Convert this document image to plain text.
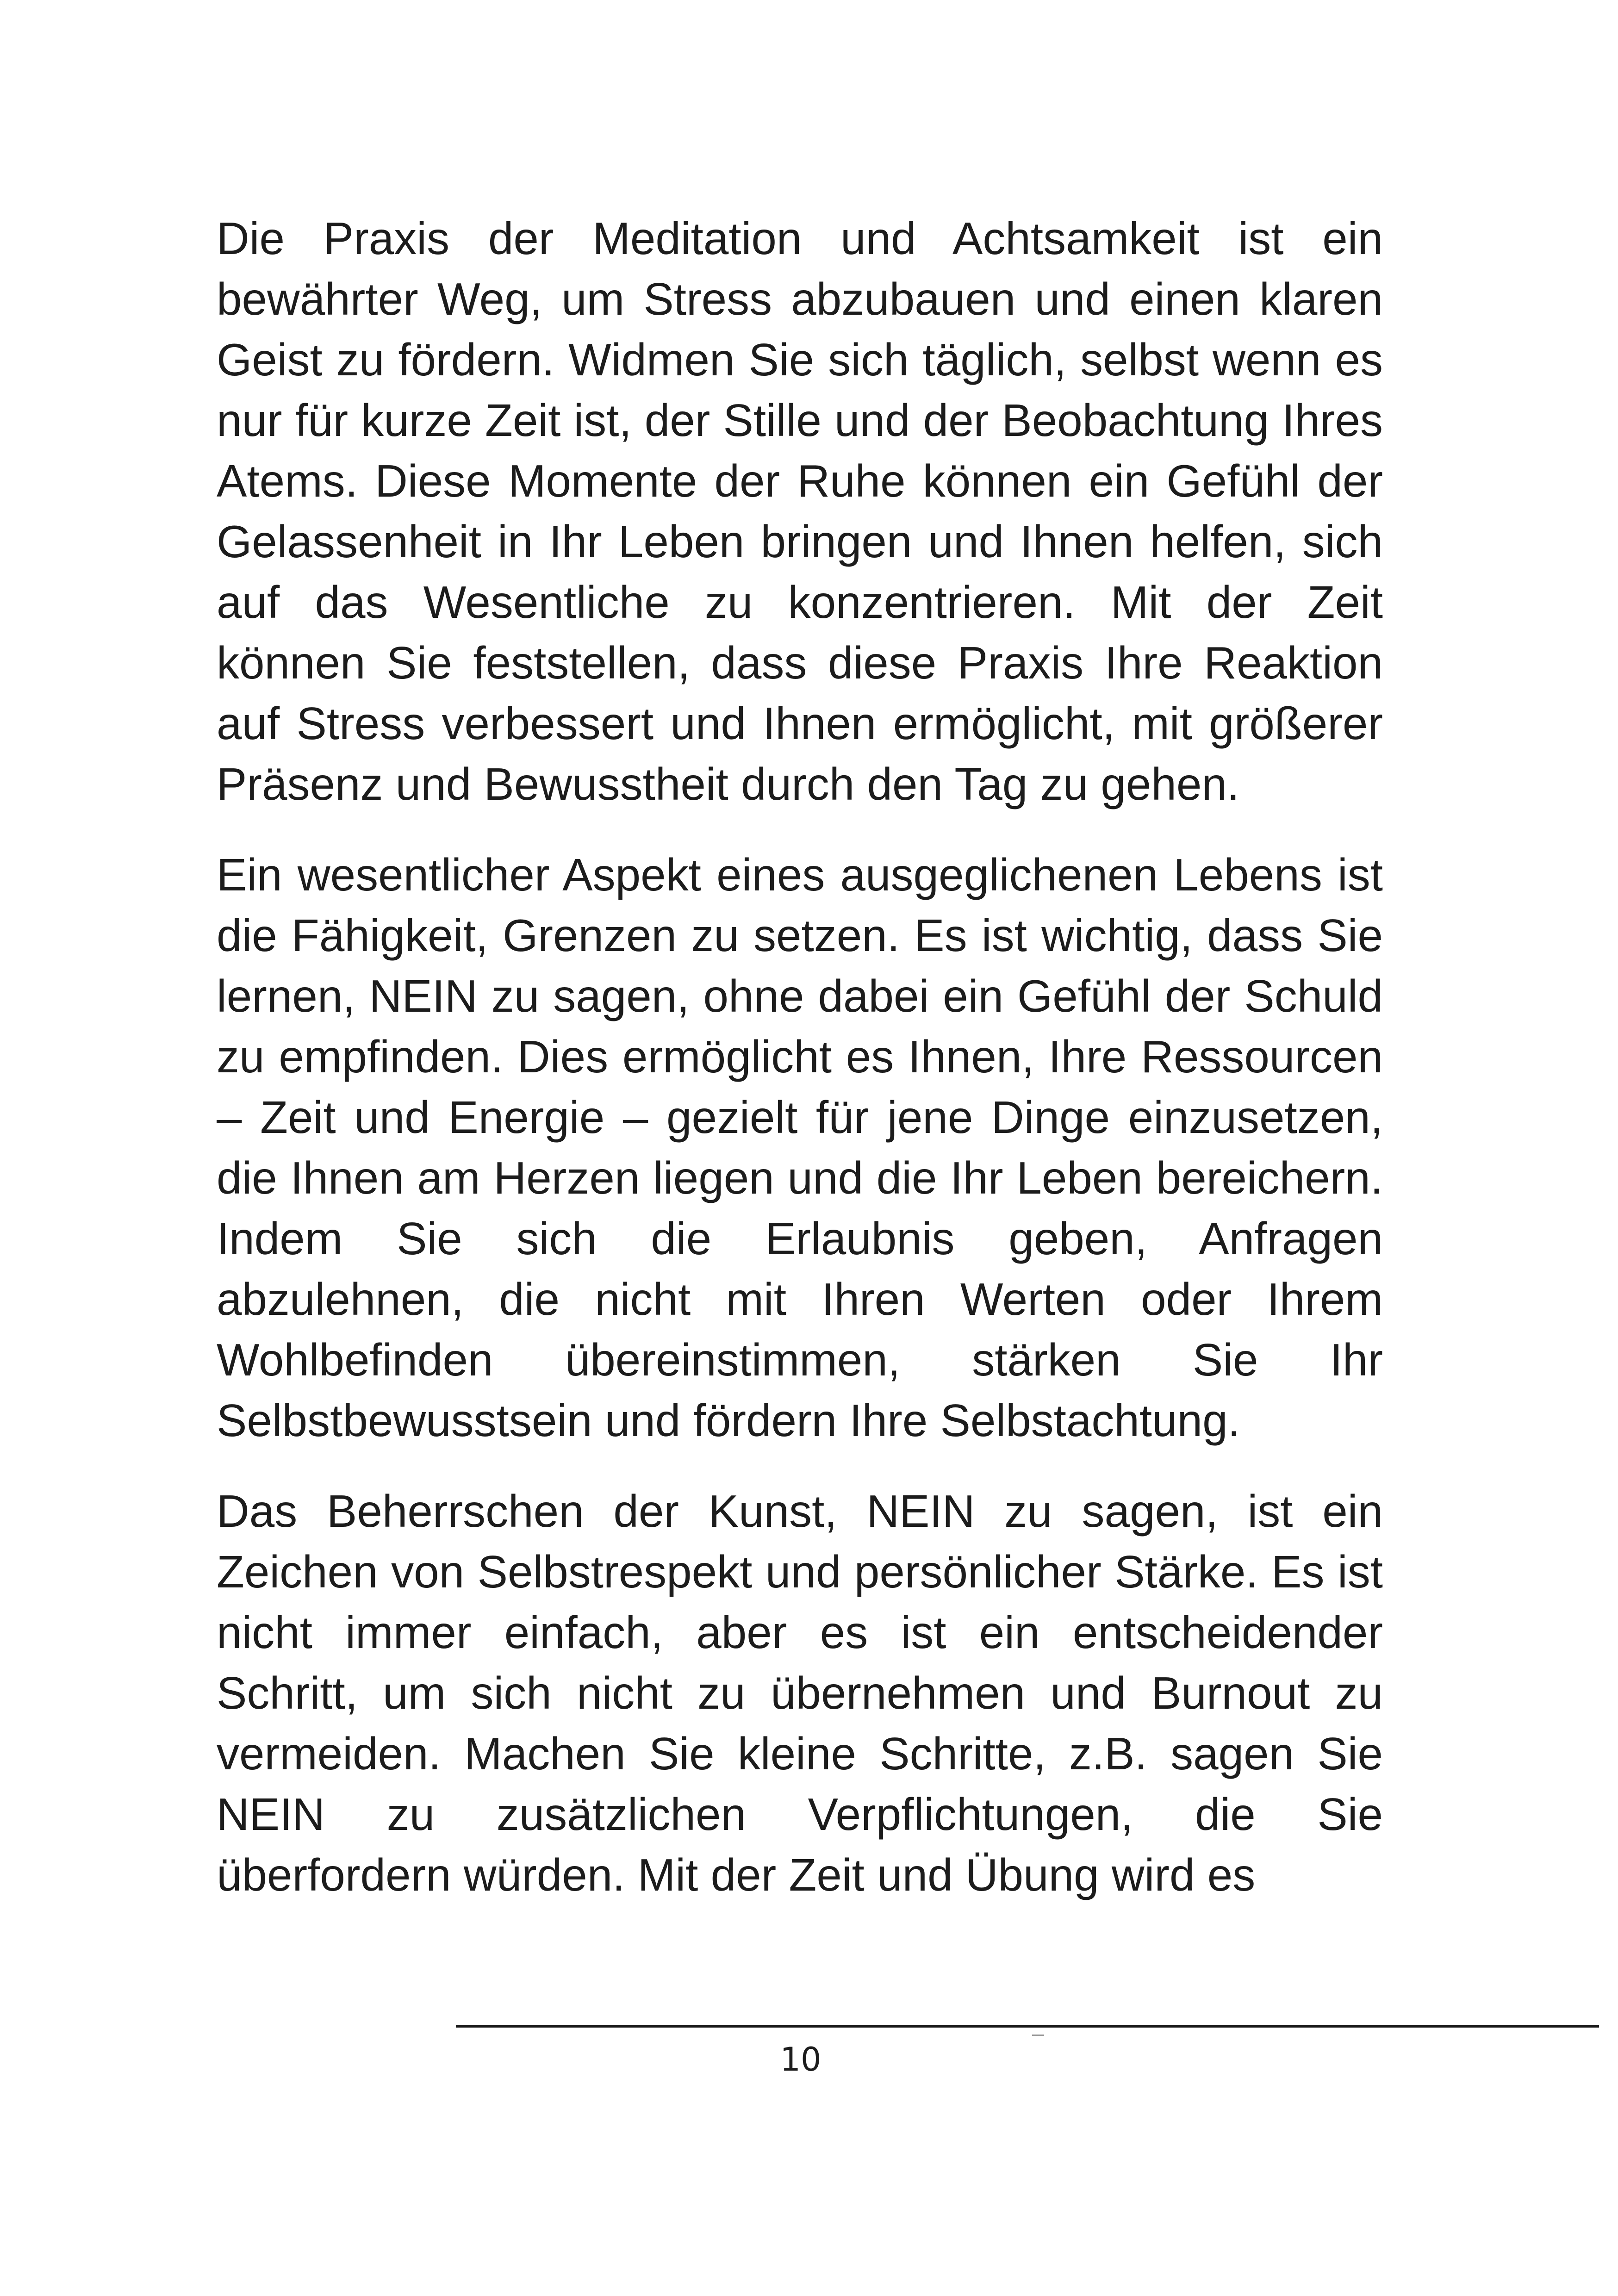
Die Praxis der Meditation und Achtsamkeit ist ein bewährter Weg, um Stress abzubauen und einen klaren Geist zu fördern. Widmen Sie sich täglich, selbst wenn es nur für kurze Zeit ist, der Stille und der Beobachtung Ihres Atems. Diese Momente der Ruhe können ein Gefühl der Gelassenheit in Ihr Leben bringen und Ihnen helfen, sich auf das Wesentliche zu konzentrieren. Mit der Zeit können Sie feststellen, dass diese Praxis Ihre Reaktion auf Stress verbessert und Ihnen ermöglicht, mit größerer Präsenz und Bewusstheit durch den Tag zu gehen.

Ein wesentlicher Aspekt eines ausgeglichenen Lebens ist die Fähigkeit, Grenzen zu setzen. Es ist wichtig, dass Sie lernen, NEIN zu sagen, ohne dabei ein Gefühl der Schuld zu empfinden. Dies ermöglicht es Ihnen, Ihre Ressourcen – Zeit und Energie – gezielt für jene Dinge einzusetzen, die Ihnen am Herzen liegen und die Ihr Leben bereichern. Indem Sie sich die Erlaubnis geben, Anfragen abzulehnen, die nicht mit Ihren Werten oder Ihrem Wohlbefinden übereinstimmen, stärken Sie Ihr Selbstbewusstsein und fördern Ihre Selbstachtung.

Das Beherrschen der Kunst, NEIN zu sagen, ist ein Zeichen von Selbstrespekt und persönlicher Stärke. Es ist nicht immer einfach, aber es ist ein entscheidender Schritt, um sich nicht zu übernehmen und Burnout zu vermeiden. Machen Sie kleine Schritte, z.B. sagen Sie NEIN zu zusätzlichen Verpflichtungen, die Sie überfordern würden. Mit der Zeit und Übung wird es

10
